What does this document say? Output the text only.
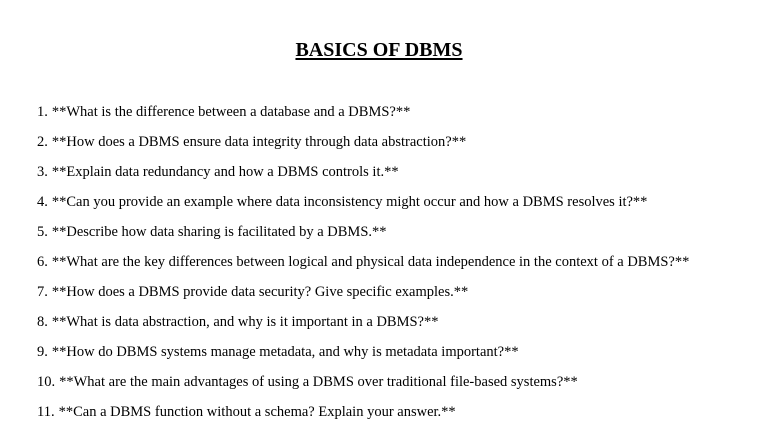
BASICS OF DBMS
1. **What is the difference between a database and a DBMS?**
2. **How does a DBMS ensure data integrity through data abstraction?**
3. **Explain data redundancy and how a DBMS controls it.**
4. **Can you provide an example where data inconsistency might occur and how a DBMS resolves it?**
5. **Describe how data sharing is facilitated by a DBMS.**
6. **What are the key differences between logical and physical data independence in the context of a DBMS?**
7. **How does a DBMS provide data security? Give specific examples.**
8. **What is data abstraction, and why is it important in a DBMS?**
9. **How do DBMS systems manage metadata, and why is metadata important?**
10. **What are the main advantages of using a DBMS over traditional file-based systems?**
11. **Can a DBMS function without a schema? Explain your answer.**
